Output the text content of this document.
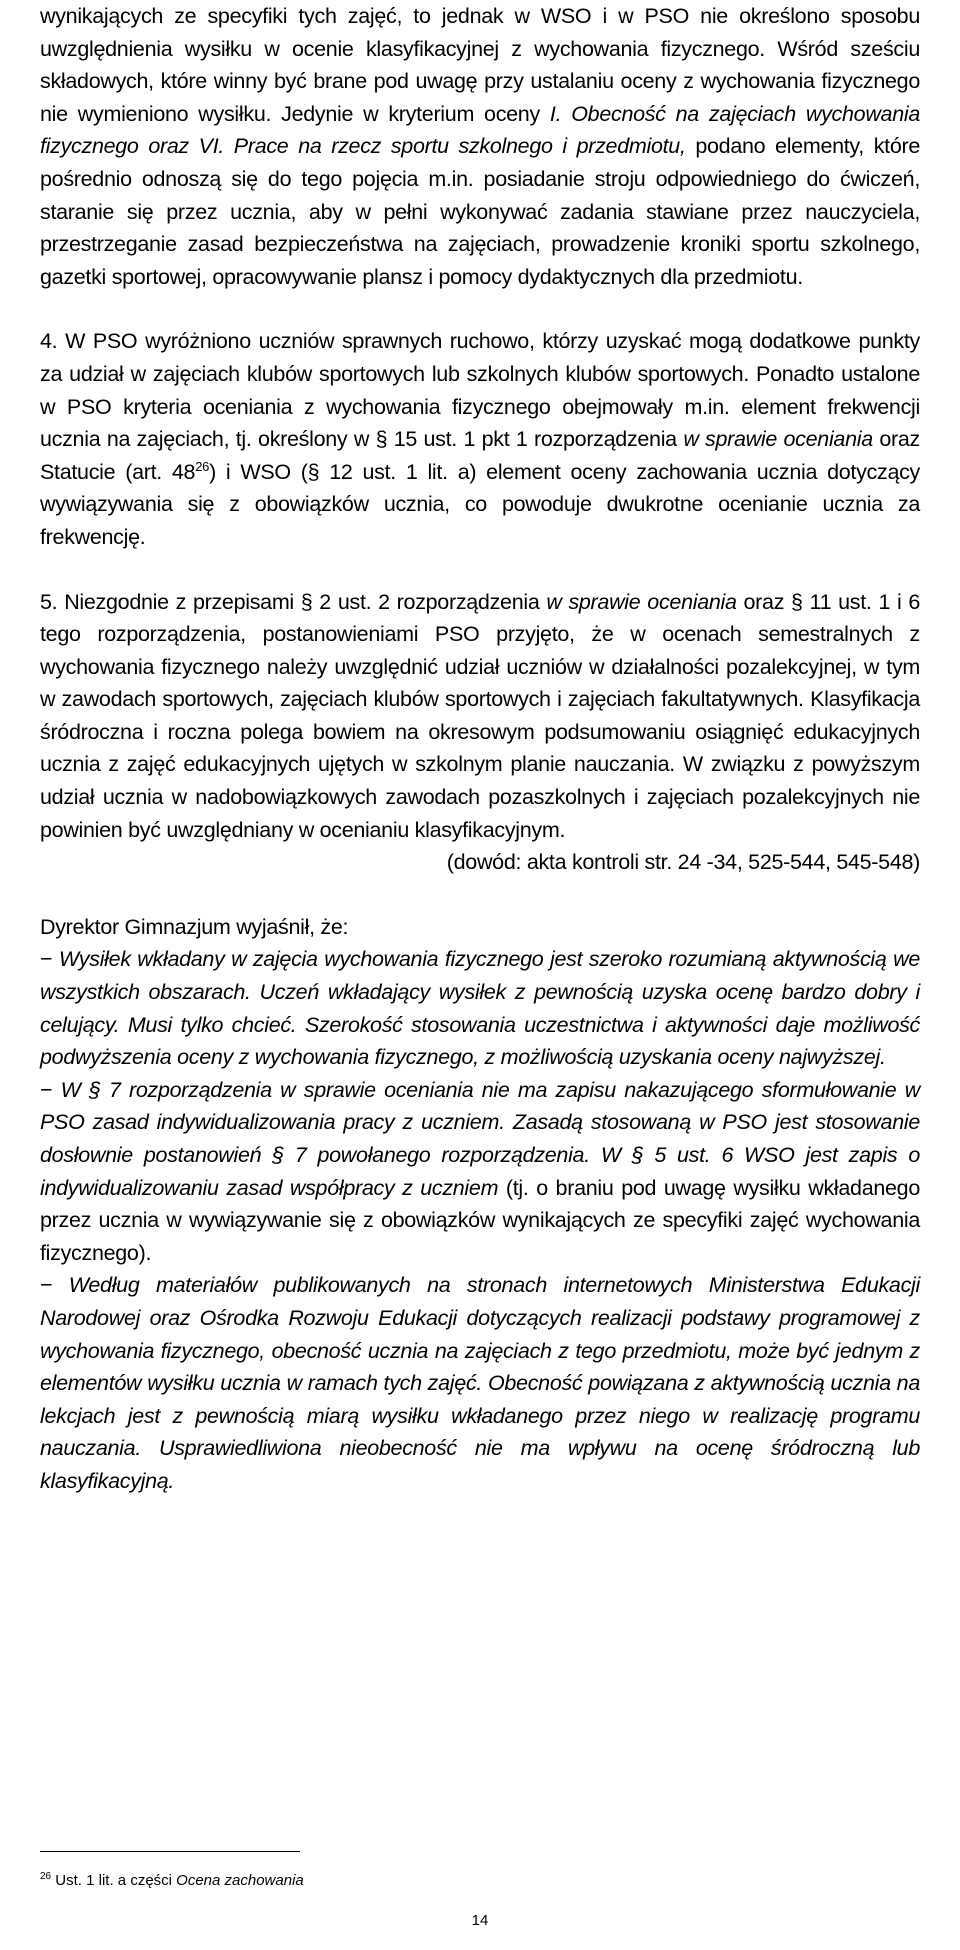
wynikających ze specyfiki tych zajęć, to jednak w WSO i w PSO nie określono sposobu uwzględnienia wysiłku w ocenie klasyfikacyjnej z wychowania fizycznego. Wśród sześciu składowych, które winny być brane pod uwagę przy ustalaniu oceny z wychowania fizycznego nie wymieniono wysiłku. Jedynie w kryterium oceny I. Obecność na zajęciach wychowania fizycznego oraz VI. Prace na rzecz sportu szkolnego i przedmiotu, podano elementy, które pośrednio odnoszą się do tego pojęcia m.in. posiadanie stroju odpowiedniego do ćwiczeń, staranie się przez ucznia, aby w pełni wykonywać zadania stawiane przez nauczyciela, przestrzeganie zasad bezpieczeństwa na zajęciach, prowadzenie kroniki sportu szkolnego, gazetki sportowej, opracowywanie plansz i pomocy dydaktycznych dla przedmiotu.

4. W PSO wyróżniono uczniów sprawnych ruchowo, którzy uzyskać mogą dodatkowe punkty za udział w zajęciach klubów sportowych lub szkolnych klubów sportowych. Ponadto ustalone w PSO kryteria oceniania z wychowania fizycznego obejmowały m.in. element frekwencji ucznia na zajęciach, tj. określony w § 15 ust. 1 pkt 1 rozporządzenia w sprawie oceniania oraz Statucie (art. $48^{26}$) i WSO (§ 12 ust. 1 lit. a) element oceny zachowania ucznia dotyczący wywiązywania się z obowiązków ucznia, co powoduje dwukrotne ocenianie ucznia za frekwencję.

5. Niezgodnie z przepisami § 2 ust. 2 rozporządzenia w sprawie oceniania oraz § 11 ust. 1 i 6 tego rozporządzenia, postanowieniami PSO przyjęto, że w ocenach semestralnych z wychowania fizycznego należy uwzględnić udział uczniów w działalności pozalekcyjnej, w tym w zawodach sportowych, zajęciach klubów sportowych i zajęciach fakultatywnych. Klasyfikacja śródroczna i roczna polega bowiem na okresowym podsumowaniu osiągnięć edukacyjnych ucznia z zajęć edukacyjnych ujętych w szkolnym planie nauczania. W związku z powyższym udział ucznia w nadobowiązkowych zawodach pozaszkolnych i zajęciach pozalekcyjnych nie powinien być uwzględniany w ocenianiu klasyfikacyjnym.

(dowód: akta kontroli str. 24 -34, 525-544, 545-548)

Dyrektor Gimnazjum wyjaśnił, że:

− Wysiłek wkładany w zajęcia wychowania fizycznego jest szeroko rozumianą aktywnością we wszystkich obszarach. Uczeń wkładający wysiłek z pewnością uzyska ocenę bardzo dobry i celujący. Musi tylko chcieć. Szerokość stosowania uczestnictwa i aktywności daje możliwość podwyższenia oceny z wychowania fizycznego, z możliwością uzyskania oceny najwyższej.

− W § 7 rozporządzenia w sprawie oceniania nie ma zapisu nakazującego sformułowanie w PSO zasad indywidualizowania pracy z uczniem. Zasadą stosowaną w PSO jest stosowanie dosłownie postanowień § 7 powołanego rozporządzenia. W § 5 ust. 6 WSO jest zapis o indywidualizowaniu zasad współpracy z uczniem (tj. o braniu pod uwagę wysiłku wkładanego przez ucznia w wywiązywanie się z obowiązków wynikających ze specyfiki zajęć wychowania fizycznego).

− Według materiałów publikowanych na stronach internetowych Ministerstwa Edukacji Narodowej oraz Ośrodka Rozwoju Edukacji dotyczących realizacji podstawy programowej z wychowania fizycznego, obecność ucznia na zajęciach z tego przedmiotu, może być jednym z elementów wysiłku ucznia w ramach tych zajęć. Obecność powiązana z aktywnością ucznia na lekcjach jest z pewnością miarą wysiłku wkładanego przez niego w realizację programu nauczania. Usprawiedliwiona nieobecność nie ma wpływu na ocenę śródroczną lub klasyfikacyjną.

$^{26}$ Ust. 1 lit. a części Ocena zachowania
14
